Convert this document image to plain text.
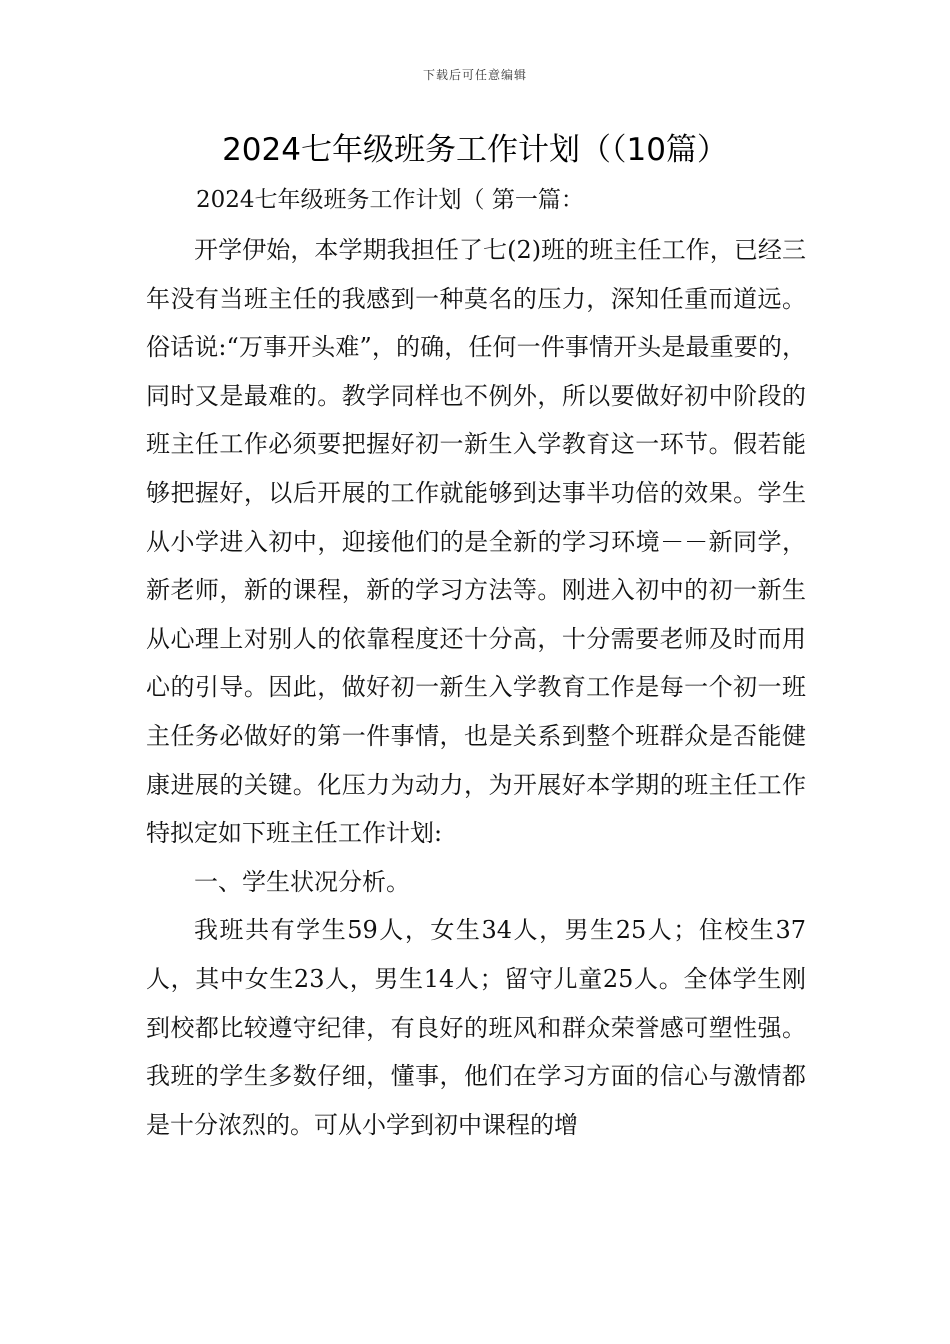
下载后可任意编辑
2024七年级班务工作计划（（10篇）
2024七年级班务工作计划（ 第一篇：

开学伊始，本学期我担任了七(2)班的班主任工作，已经三年没有当班主任的我感到一种莫名的压力，深知任重而道远。俗话说:“万事开头难”，的确，任何一件事情开头是最重要的，同时又是最难的。教学同样也不例外，所以要做好初中阶段的班主任工作必须要把握好初一新生入学教育这一环节。假若能够把握好，以后开展的工作就能够到达事半功倍的效果。学生从小学进入初中，迎接他们的是全新的学习环境－－新同学，新老师，新的课程，新的学习方法等。刚进入初中的初一新生从心理上对别人的依靠程度还十分高，十分需要老师及时而用心的引导。因此，做好初一新生入学教育工作是每一个初一班主任务必做好的第一件事情，也是关系到整个班群众是否能健康进展的关键。化压力为动力，为开展好本学期的班主任工作特拟定如下班主任工作计划:

一、学生状况分析。

我班共有学生59人，女生34人，男生25人；住校生37人，其中女生23人，男生14人；留守儿童25人。全体学生刚到校都比较遵守纪律，有良好的班风和群众荣誉感可塑性强。我班的学生多数仔细，懂事，他们在学习方面的信心与激情都是十分浓烈的。可从小学到初中课程的增
